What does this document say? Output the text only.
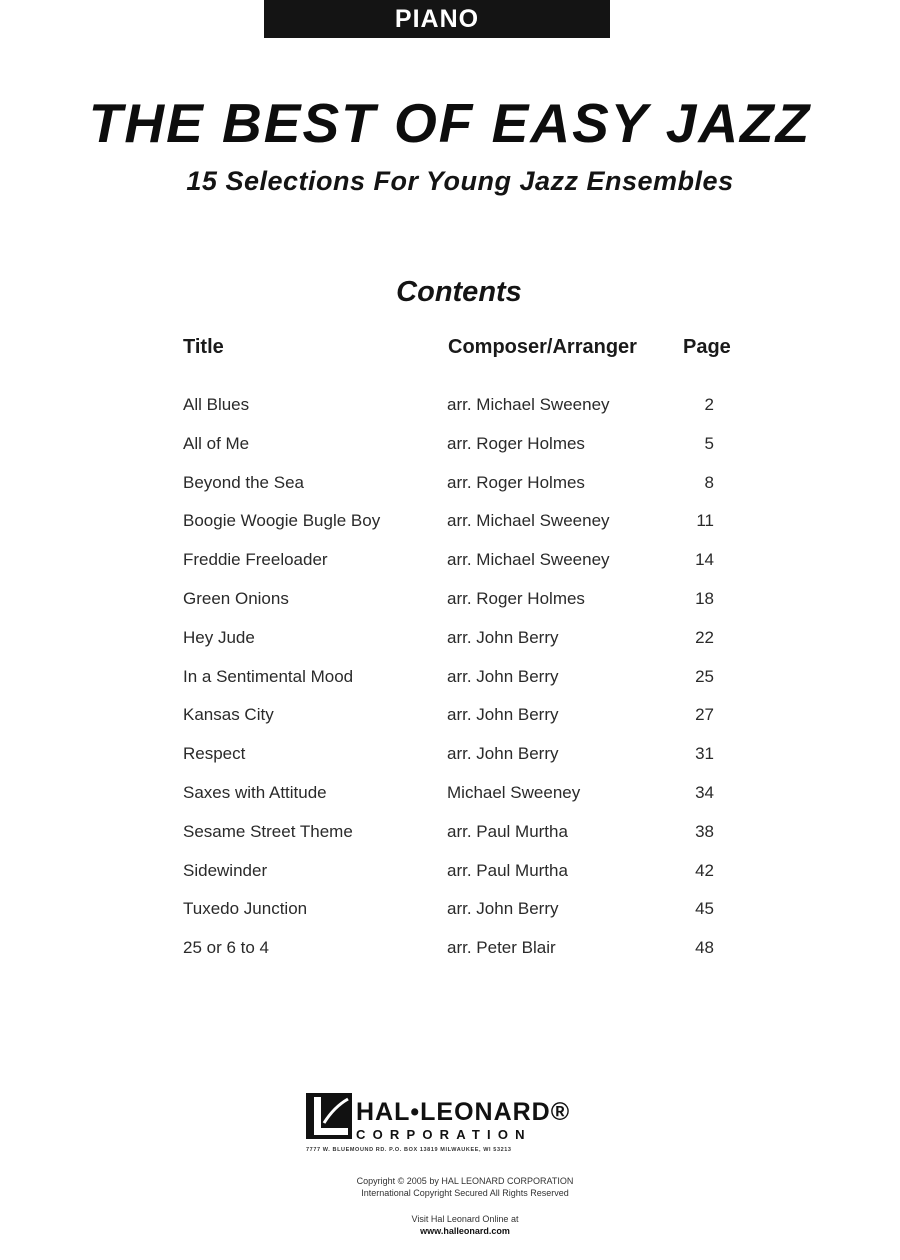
PIANO
THE BEST OF EASY JAZZ
15 Selections For Young Jazz Ensembles
Contents
Title	Composer/Arranger Page
All Blues	arr. Michael Sweeney	2
All of Me	arr. Roger Holmes	5
Beyond the Sea	arr. Roger Holmes	8
Boogie Woogie Bugle Boy	arr. Michael Sweeney	11
Freddie Freeloader	arr. Michael Sweeney	14
Green Onions	arr. Roger Holmes	18
Hey Jude	arr. John Berry	22
In a Sentimental Mood	arr. John Berry	25
Kansas City	arr. John Berry	27
Respect	arr. John Berry	31
Saxes with Attitude	Michael Sweeney	34
Sesame Street Theme	arr. Paul Murtha	38
Sidewinder	arr. Paul Murtha	42
Tuxedo Junction	arr. John Berry	45
25 or 6 to 4	arr. Peter Blair	48
HAL•LEONARD®
CORPORATION
7777 W. BLUEMOUND RD. P.O. BOX 13819 MILWAUKEE, WI 53213
Copyright © 2005 by HAL LEONARD CORPORATION
International Copyright Secured All Rights Reserved
Visit Hal Leonard Online at
www.halleonard.com
